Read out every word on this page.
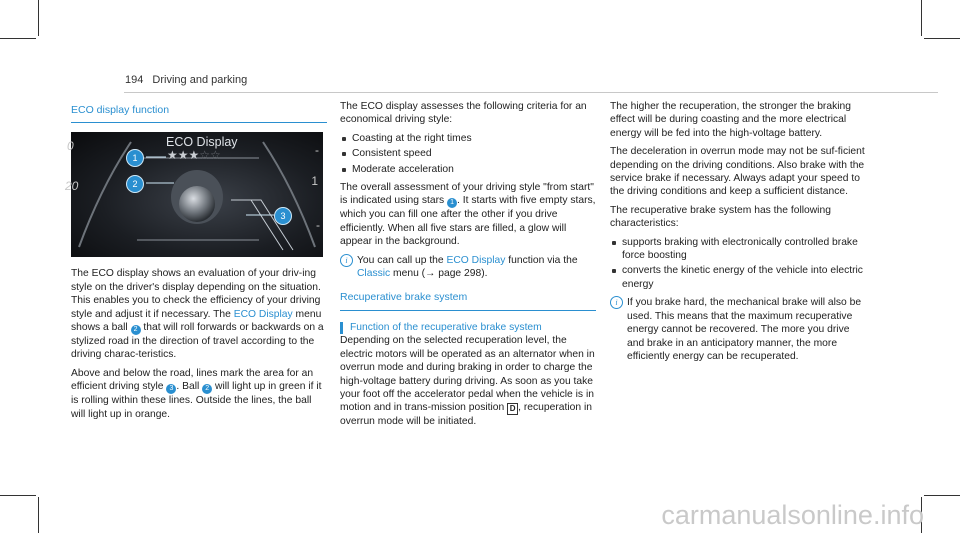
194 Driving and parking
ECO display function
0
20
-
1
-
ECO Display
★★★☆☆
1
2
3

The ECO display shows an evaluation of your driv-ing style on the driver's display depending on the situation. This enables you to check the efficiency of your driving style and adjust it if necessary. The ECO Display menu shows a ball 2 that will roll forwards or backwards on a stylized road in the direction of travel according to the driving charac-teristics.

Above and below the road, lines mark the area for an efficient driving style 3 . Ball 2 will light up in green if it is rolling within these lines. Outside the lines, the ball will light up in orange.

The ECO display assesses the following criteria for an economical driving style:

Coasting at the right times
Consistent speed
Moderate acceleration

The overall assessment of your driving style "from start" is indicated using stars 1 . It starts with five empty stars, which you can fill one after the other if you drive efficiently. When all five stars are filled, a glow will appear in the background.

i You can call up the ECO Display function via the Classic menu (→ page 298).
Recuperative brake system
Function of the recuperative brake system

Depending on the selected recuperation level, the electric motors will be operated as an alternator when in overrun mode and during braking in order to charge the high-voltage battery during driving. As soon as you take your foot off the accelerator pedal when the vehicle is in motion and in trans-mission position D , recuperation in overrun mode will be initiated.

The higher the recuperation, the stronger the braking effect will be during coasting and the more electrical energy will be fed into the high-voltage battery.

The deceleration in overrun mode may not be suf-ficient depending on the driving conditions. Also brake with the service brake if necessary. Always adapt your speed to the driving conditions and keep a sufficient distance.

The recuperative brake system has the following characteristics:

supports braking with electronically controlled brake force boosting
converts the kinetic energy of the vehicle into electric energy
i If you brake hard, the mechanical brake will also be used. This means that the maximum recuperative energy cannot be recovered. The more you drive and brake in an anticipatory manner, the more efficiently energy can be recuperated.
carmanualsonline.info
